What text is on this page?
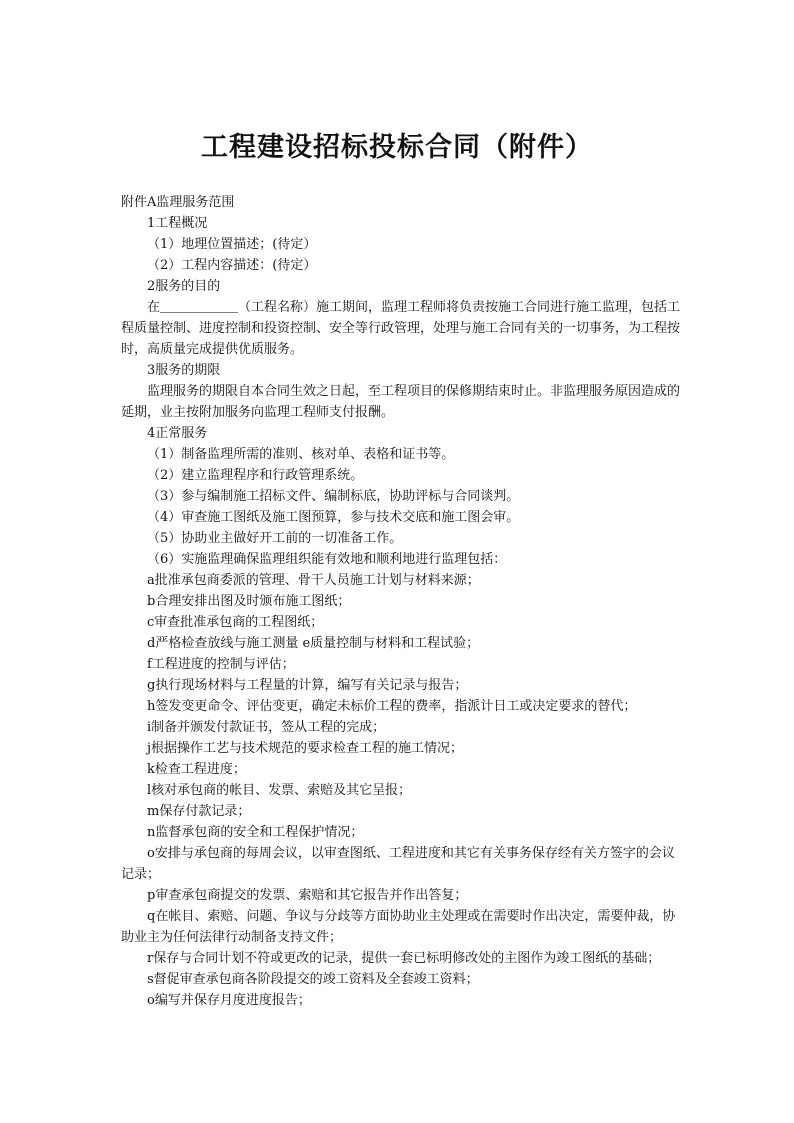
工程建设招标投标合同（附件）

附件A监理服务范围

1工程概况

（1）地理位置描述；(待定）

（2）工程内容描述：(待定）

2服务的目的

在＿＿＿＿＿＿（工程名称）施工期间，监理工程师将负责按施工合同进行施工监理，包括工程质量控制、进度控制和投资控制、安全等行政管理，处理与施工合同有关的一切事务，为工程按时，高质量完成提供优质服务。

3服务的期限

监理服务的期限自本合同生效之日起，至工程项目的保修期结束时止。非监理服务原因造成的延期，业主按附加服务向监理工程师支付报酬。

4正常服务

（1）制备监理所需的准则、核对单、表格和证书等。

（2）建立监理程序和行政管理系统。

（3）参与编制施工招标文件、编制标底，协助评标与合同谈判。

（4）审查施工图纸及施工图预算，参与技术交底和施工图会审。

（5）协助业主做好开工前的一切准备工作。

（6）实施监理确保监理组织能有效地和顺利地进行监理包括：

a批准承包商委派的管理、骨干人员施工计划与材料来源；

b合理安排出图及时颁布施工图纸；

c审查批准承包商的工程图纸；

d严格检查放线与施工测量 e质量控制与材料和工程试验；

f工程进度的控制与评估；

g执行现场材料与工程量的计算，编写有关记录与报告；

h签发变更命令、评估变更，确定未标价工程的费率，指派计日工或决定要求的替代；

i制备并颁发付款证书，签从工程的完成；

j根据操作工艺与技术规范的要求检查工程的施工情况；

k检查工程进度；

l核对承包商的帐目、发票、索赔及其它呈报；

m保存付款记录；

n监督承包商的安全和工程保护情况；

o安排与承包商的每周会议，以审查图纸、工程进度和其它有关事务保存经有关方签字的会议记录；

p审查承包商提交的发票、索赔和其它报告并作出答复；

q在帐目、索赔、问题、争议与分歧等方面协助业主处理或在需要时作出决定，需要仲裁，协助业主为任何法律行动制备支持文件；

r保存与合同计划不符或更改的记录，提供一套已标明修改处的主图作为竣工图纸的基础；

s督促审查承包商各阶段提交的竣工资料及全套竣工资料；

o编写并保存月度进度报告；
